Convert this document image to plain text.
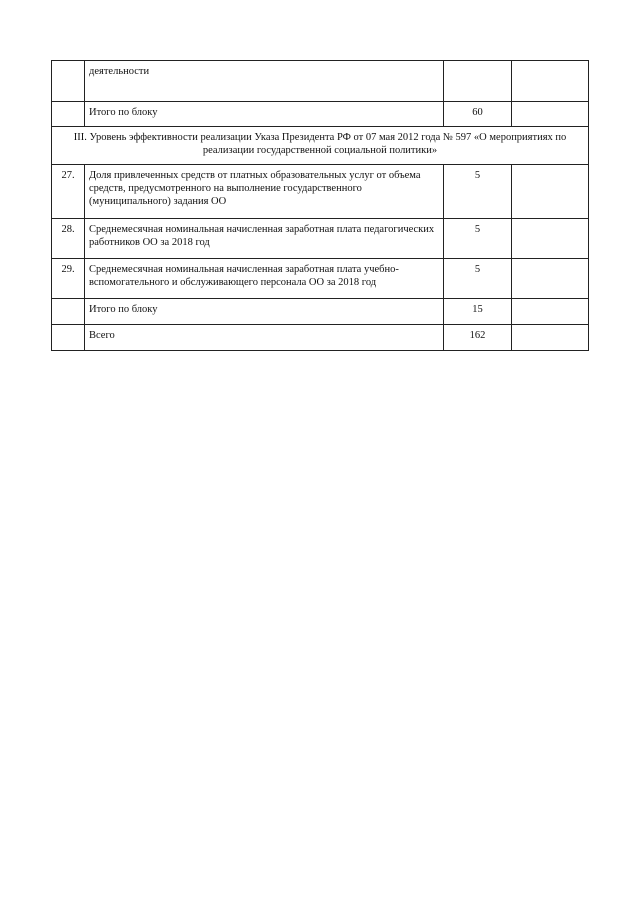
	деятельности		
	Итого по блоку	60	
III. Уровень эффективности реализации Указа Президента РФ от 07 мая 2012 года № 597 «О мероприятиях по реализации государственной социальной политики»			
27.	Доля привлеченных средств от платных образовательных услуг от объема средств, предусмотренного на выполнение государственного (муниципального) задания ОО	5	
28.	Среднемесячная номинальная начисленная заработная плата педагогических работников ОО за 2018 год	5	
29.	Среднемесячная номинальная начисленная заработная плата учебно-вспомогательного и обслуживающего персонала ОО за 2018 год	5	
	Итого по блоку	15	
	Всего	162	
